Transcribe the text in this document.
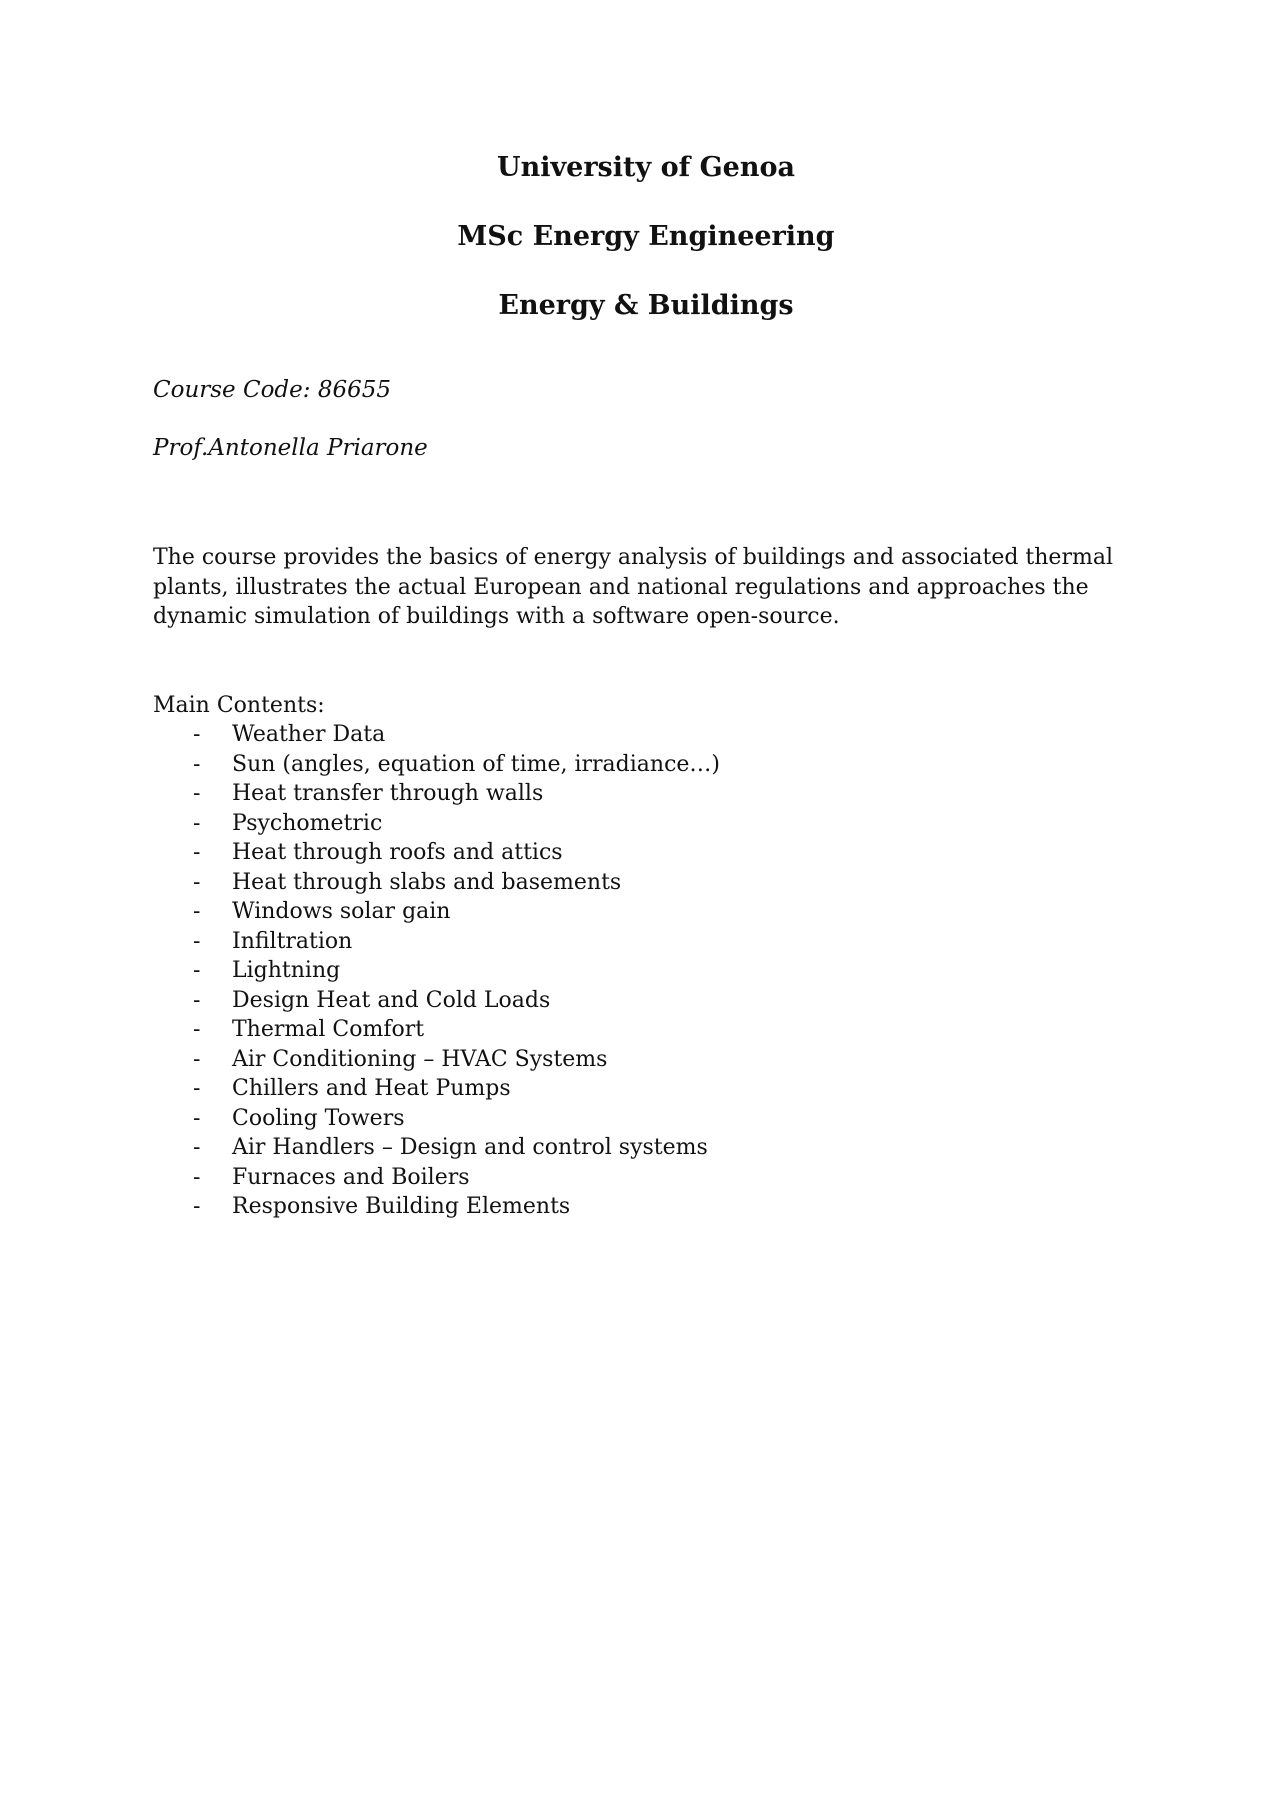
University of Genoa
MSc Energy Engineering
Energy & Buildings

Course Code: 86655

Prof.Antonella Priarone

The course provides the basics of energy analysis of buildings and associated thermal plants, illustrates the actual European and national regulations and approaches the dynamic simulation of buildings with a software open-source.

Main Contents:

- Weather Data
- Sun (angles, equation of time, irradiance…)
- Heat transfer through walls
- Psychometric
- Heat through roofs and attics
- Heat through slabs and basements
- Windows solar gain
- Infiltration
- Lightning
- Design Heat and Cold Loads
- Thermal Comfort
- Air Conditioning – HVAC Systems
- Chillers and Heat Pumps
- Cooling Towers
- Air Handlers – Design and control systems
- Furnaces and Boilers
- Responsive Building Elements
